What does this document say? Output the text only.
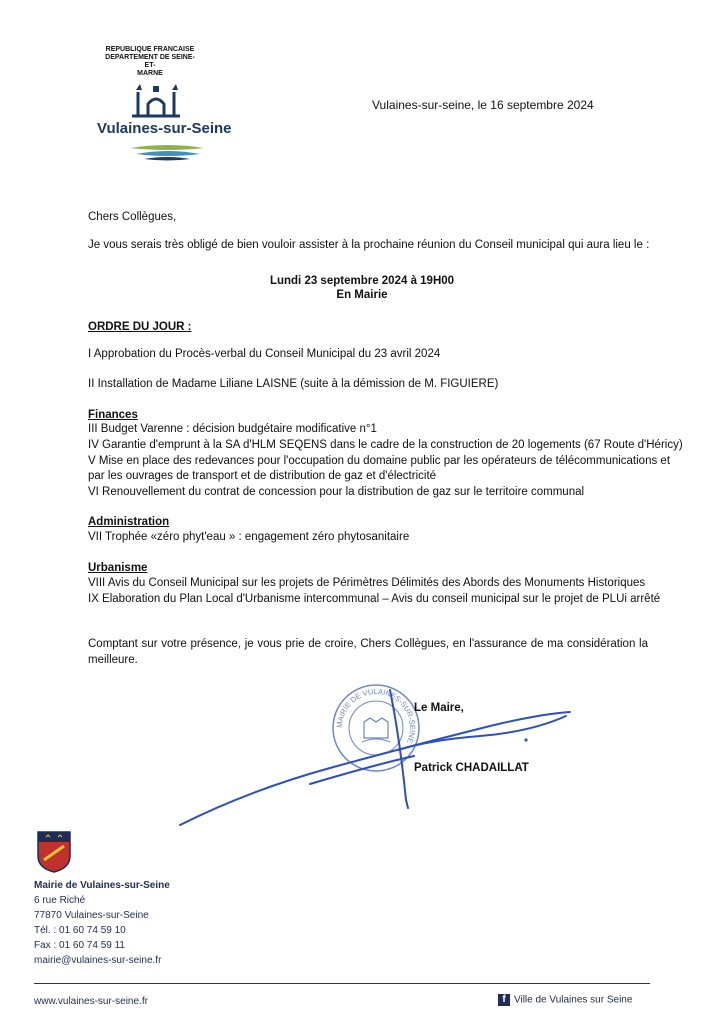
REPUBLIQUE FRANCAISE
DEPARTEMENT DE SEINE-ET-
MARNE
Vulaines-sur-Seine
Vulaines-sur-seine, le 16 septembre 2024
Chers Collègues,
Je vous serais très obligé de bien vouloir assister à la prochaine réunion du Conseil municipal qui aura lieu le :
Lundi 23 septembre 2024 à 19H00
En Mairie
ORDRE DU JOUR :
I Approbation du Procès-verbal du Conseil Municipal du 23 avril 2024
II Installation de Madame Liliane LAISNE (suite à la démission de M. FIGUIERE)
Finances
III Budget Varenne : décision budgétaire modificative n°1
IV Garantie d'emprunt à la SA d'HLM SEQENS dans le cadre de la construction de 20 logements (67 Route d'Héricy)
V Mise en place des redevances pour l'occupation du domaine public par les opérateurs de télécommunications et
par les ouvrages de transport et de distribution de gaz et d'électricité
VI Renouvellement du contrat de concession pour la distribution de gaz sur le territoire communal
Administration
VII Trophée «zéro phyt'eau » : engagement zéro phytosanitaire
Urbanisme
VIII Avis du Conseil Municipal sur les projets de Périmètres Délimités des Abords des Monuments Historiques
IX Elaboration du Plan Local d'Urbanisme intercommunal – Avis du conseil municipal sur le projet de PLUi arrêté
Comptant sur votre présence, je vous prie de croire, Chers Collègues, en l'assurance de ma considération la meilleure.
MAIRIE DE VULAINES-SUR-SEINE
Le Maire,
Patrick CHADAILLAT
Mairie de Vulaines-sur-Seine
6 rue Riché
77870 Vulaines-sur-Seine
Tél. : 01 60 74 59 10
Fax : 01 60 74 59 11
mairie@vulaines-sur-seine.fr
www.vulaines-sur-seine.fr	f Ville de Vulaines sur Seine
